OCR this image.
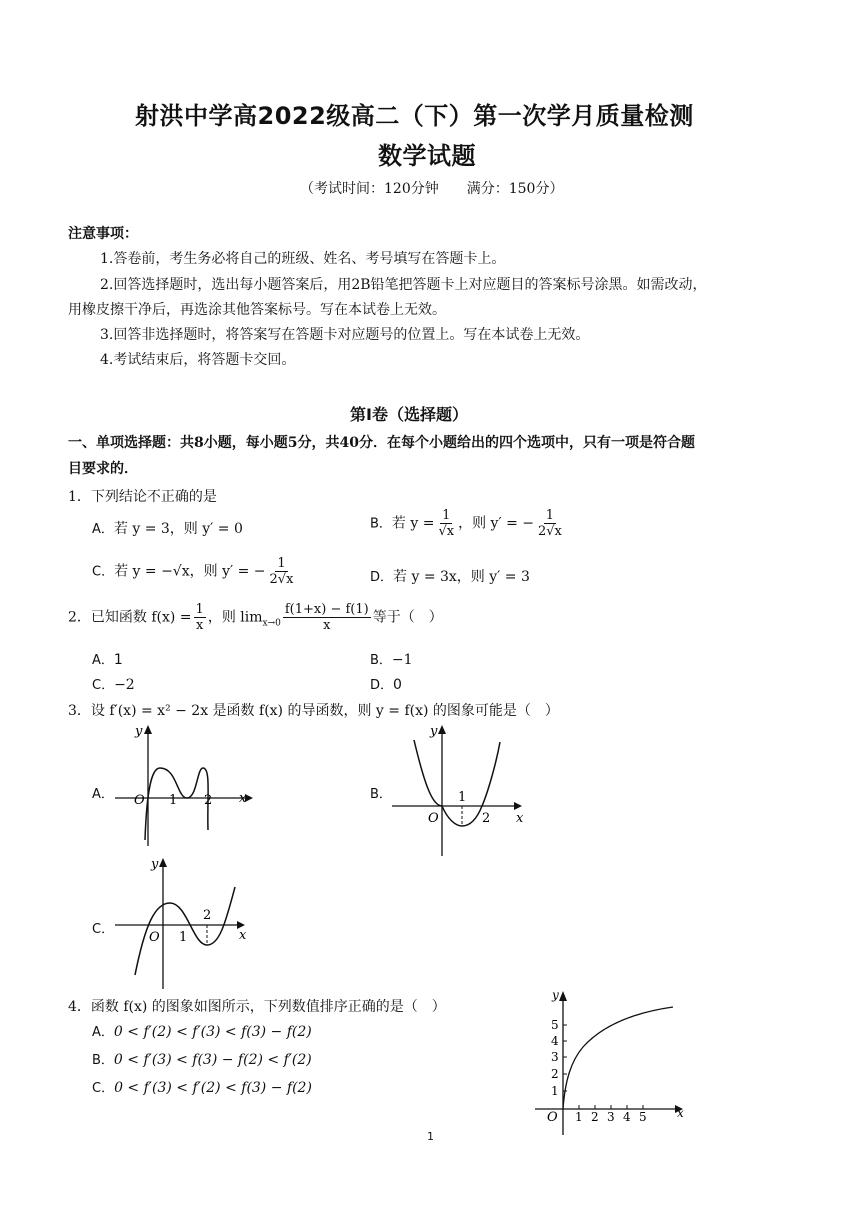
射洪中学高2022级高二（下）第一次学月质量检测
数学试题
（考试时间：120分钟　　满分：150分）
注意事项：
1.答卷前，考生务必将自己的班级、姓名、考号填写在答题卡上。
2.回答选择题时，选出每小题答案后，用2B铅笔把答题卡上对应题目的答案标号涂黑。如需改动，
用橡皮擦干净后，再选涂其他答案标号。写在本试卷上无效。
3.回答非选择题时，将答案写在答题卡对应题号的位置上。写在本试卷上无效。
4.考试结束后，将答题卡交回。
第I卷（选择题）
一、单项选择题：共8小题，每小题5分，共40分．在每个小题给出的四个选项中，只有一项是符合题
目要求的．
1．下列结论不正确的是
A．若 y = 3，则 y′ = 0	B．若 $y = \frac{1}{√x}$ ，则 y′ = − $\frac{1}{2√x}$
C．若 y = −√x，则 y′ = − $\frac{1}{2√x}$	D．若 y = 3x，则 y′ = 3
2．已知函数 $f(x) = \frac{1}{x}$ ，则 $\lim_{x\to 0} \frac{f(1+x) - f(1)}{x}$ 等于（　）
A．1	B．−1
C．−2	D．0
3．设 f′(x) = x² − 2x 是函数 f(x) 的导函数，则 y = f(x) 的图象可能是（　）
A．	B．
C．
y
x
O 1 2
y
x
O
1
2
y
x
O 1
2
4．函数 f(x) 的图象如图所示，下列数值排序正确的是（　）
A．0 < f′(2) < f′(3) < f(3) − f(2)
B．0 < f′(3) < f(3) − f(2) < f′(2)
C．0 < f′(3) < f′(2) < f(3) − f(2)
y
x
O
1
2
3
4
5
1 2 3 4 5
1
